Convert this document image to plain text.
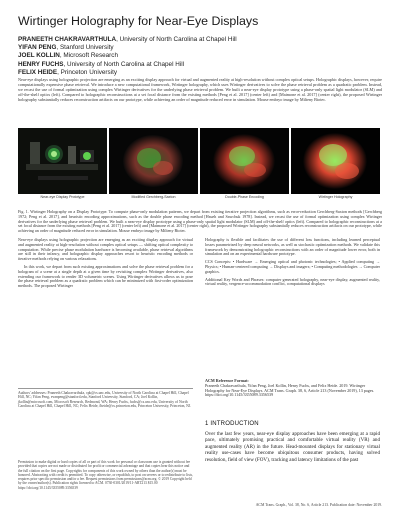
Wirtinger Holography for Near-Eye Displays
PRANEETH CHAKRAVARTHULA, University of North Carolina at Chapel Hill
YIFAN PENG, Stanford University
JOEL KOLLIN, Microsoft Research
HENRY FUCHS, University of North Carolina at Chapel Hill
FELIX HEIDE, Princeton University
Near-eye displays using holographic projection are emerging as an exciting display approach for virtual and augmented reality at high-resolution without complex optical setups. Holographic displays, however, require computationally expensive phase retrieval. We introduce a new computational framework, Wirtinger holography, which uses Wirtinger derivatives to solve the phase retrieval problem as a quadratic problem. Instead, we recast the use of formal optimization using complex Wirtinger derivatives for the underlying phase retrieval problem. We built a near-eye display prototype using a phase-only spatial light modulator (SLM) and off-the-shelf optics (left). Compared to holographic reconstructions at a set focal distance from the existing methods [Peng et al. 2017] (center left) and [Maimone et al. 2017] (center right), the proposed Wirtinger holography substantially reduces reconstruction artifacts on our prototype, while achieving an order of magnitude reduced error in simulation. Mouse embryo image by Milteny Biotec.
Near-eye Display Prototype	Modified Gerchberg-Saxton	Double-Phase Encoding	Wirtinger Holography
Fig. 1. Wirtinger Holography on a Display Prototype. To compute phase-only modulation patterns, we depart from existing iterative projection algorithms, such as error-reduction Gerchberg-Saxton methods [Gerchberg 1972; Peng et al. 2017], and heuristic encoding approximations, such as the double phase encoding method [Hsueh and Sawchuk 1978]. Instead, we recast the use of formal optimization using complex Wirtinger derivatives for the underlying phase retrieval problem. We built a near-eye display prototype using a phase-only spatial light modulator (SLM) and off-the-shelf optics (left). Compared to holographic reconstructions at a set focal distance from the existing methods [Peng et al. 2017] (center left) and [Maimone et al. 2017] (center right), the proposed Wirtinger holography substantially reduces reconstruction artifacts on our prototype, while achieving an order of magnitude reduced error in simulation. Mouse embryo image by Milteny Biotec.

Near-eye displays using holographic projection are emerging as an exciting display approach for virtual and augmented reality at high-resolution without complex optical setups — shifting optical complexity to computation. While precise phase modulation hardware is becoming available, phase retrieval algorithms are still in their infancy, and holographic display approaches resort to heuristic encoding methods or iterative methods relying on various relaxations.

In this work, we depart from such existing approximations and solve the phase retrieval problem for a hologram of a scene at a single depth at a given time by revisiting complex Wirtinger derivatives, also extending our framework to render 3D volumetric scenes. Using Wirtinger derivatives allows us to pose the phase retrieval problem as a quadratic problem which can be minimized with first-order optimization methods. The proposed Wirtinger

Holography is flexible and facilitates the use of different loss functions, including learned perceptual losses parametrized by deep neural networks, as well as stochastic optimization methods. We validate this framework by demonstrating holographic reconstructions with an order of magnitude lower error, both in simulation and on an experimental hardware prototype.

CCS Concepts: • Hardware → Emerging optical and photonic technologies; • Applied computing → Physics; • Human-centered computing → Displays and imagers; • Computing methodologies → Computer graphics.

Additional Key Words and Phrases: computer generated holography, near-eye display, augmented reality, virtual reality, vergence-accommodation conflict, computational displays

ACM Reference Format:
Praneeth Chakravarthula, Yifan Peng, Joel Kollin, Henry Fuchs, and Felix Heide. 2019. Wirtinger Holography for Near-Eye Displays. ACM Trans. Graph. 38, 6, Article 213 (November 2019), 13 pages. https://doi.org/10.1145/3355089.3356539
Authors' addresses: Praneeth Chakravarthula, cpk@cs.unc.edu, University of North Carolina at Chapel Hill, Chapel Hill, NC; Yifan Peng, evanpeng@stanford.edu, Stanford University, Stanford, CA; Joel Kollin, jkollin@microsoft.com, Microsoft Research, Redmond, WA; Henry Fuchs, fuchs@cs.unc.edu, University of North Carolina at Chapel Hill, Chapel Hill, NC; Felix Heide, fheide@cs.princeton.edu, Princeton University, Princeton, NJ.
Permission to make digital or hard copies of all or part of this work for personal or classroom use is granted without fee provided that copies are not made or distributed for profit or commercial advantage and that copies bear this notice and the full citation on the first page. Copyrights for components of this work owned by others than the author(s) must be honored. Abstracting with credit is permitted. To copy otherwise, or republish, to post on servers or to redistribute to lists, requires prior specific permission and/or a fee. Request permissions from permissions@acm.org. © 2019 Copyright held by the owner/author(s). Publication rights licensed to ACM. 0730-0301/2019/11-ART213 $15.00 https://doi.org/10.1145/3355089.3356539
1 INTRODUCTION
Over the last few years, near-eye display approaches have been emerging at a rapid pace, ultimately promising practical and comfortable virtual reality (VR) and augmented reality (AR) in the future. Head-mounted displays for stationary virtual reality use-cases have become ubiquitous consumer products, having solved resolution, field of view (FOV), tracking and latency limitations of the past
ACM Trans. Graph., Vol. 38, No. 6, Article 213. Publication date: November 2019.
